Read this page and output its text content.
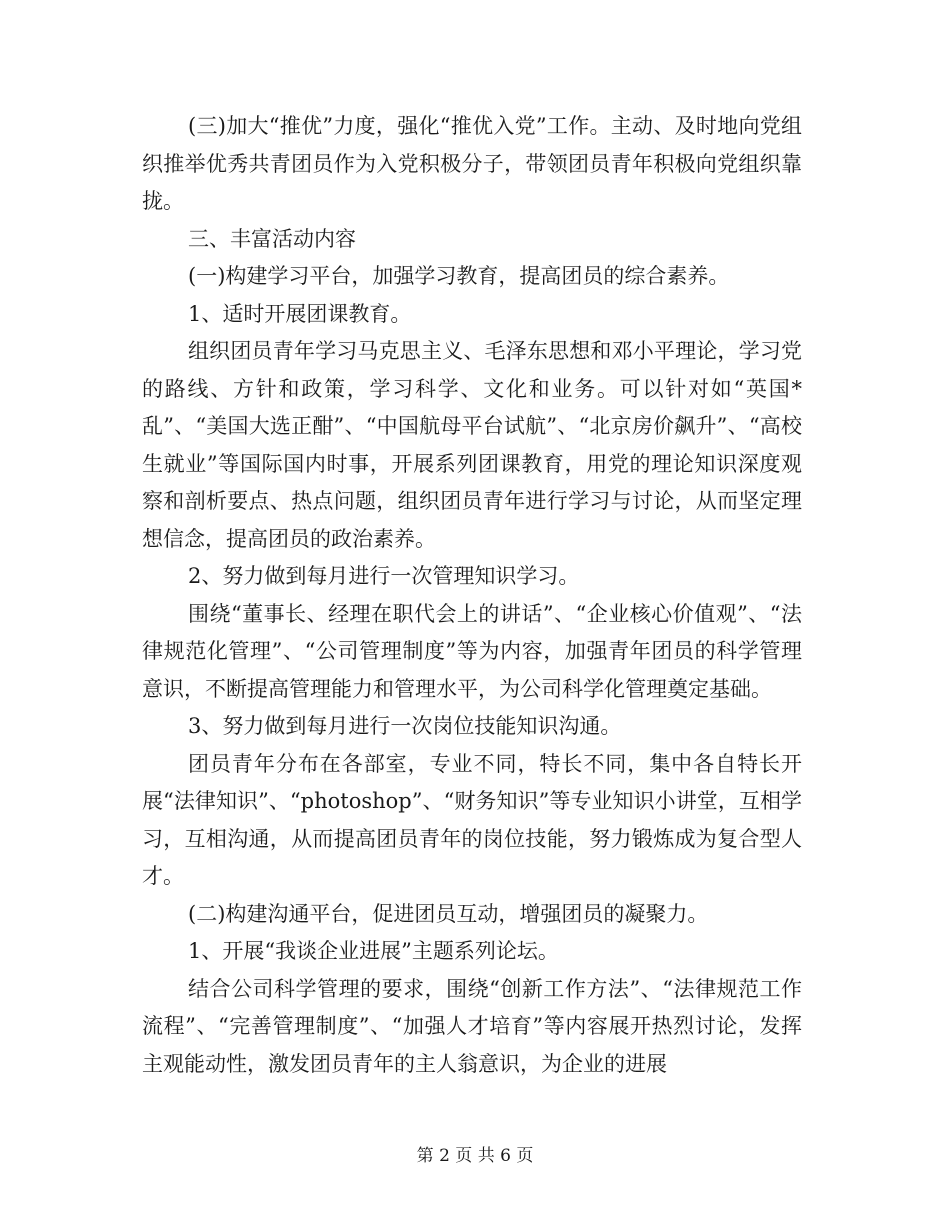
(三)加大“推优”力度，强化“推优入党”工作。主动、及时地向党组织推举优秀共青团员作为入党积极分子，带领团员青年积极向党组织靠拢。

三、丰富活动内容

(一)构建学习平台，加强学习教育，提高团员的综合素养。

1、适时开展团课教育。

组织团员青年学习马克思主义、毛泽东思想和邓小平理论，学习党的路线、方针和政策，学习科学、文化和业务。可以针对如“英国*乱”、“美国大选正酣”、“中国航母平台试航”、“北京房价飙升”、“高校生就业”等国际国内时事，开展系列团课教育，用党的理论知识深度观察和剖析要点、热点问题，组织团员青年进行学习与讨论，从而坚定理想信念，提高团员的政治素养。

2、努力做到每月进行一次管理知识学习。

围绕“董事长、经理在职代会上的讲话”、“企业核心价值观”、“法律规范化管理”、“公司管理制度”等为内容，加强青年团员的科学管理意识，不断提高管理能力和管理水平，为公司科学化管理奠定基础。

3、努力做到每月进行一次岗位技能知识沟通。

团员青年分布在各部室，专业不同，特长不同，集中各自特长开展“法律知识”、“photoshop”、“财务知识”等专业知识小讲堂，互相学习，互相沟通，从而提高团员青年的岗位技能，努力锻炼成为复合型人才。

(二)构建沟通平台，促进团员互动，增强团员的凝聚力。

1、开展“我谈企业进展”主题系列论坛。

结合公司科学管理的要求，围绕“创新工作方法”、“法律规范工作流程”、“完善管理制度”、“加强人才培育”等内容展开热烈讨论，发挥主观能动性，激发团员青年的主人翁意识，为企业的进展

第 2 页 共 6 页
